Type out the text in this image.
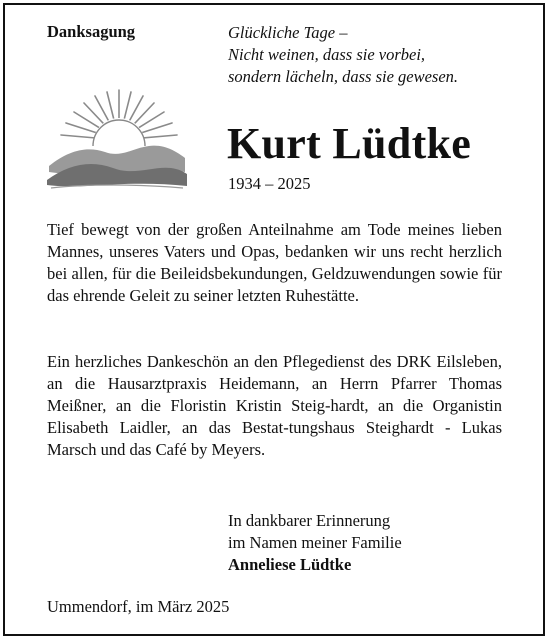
Danksagung	Glückliche Tage –
Nicht weinen, dass sie vorbei,
sondern lächeln, dass sie gewesen.
Kurt Lüdtke
1934 – 2025
Tief bewegt von der großen Anteilnahme am Tode meines lieben Mannes, unseres Vaters und Opas, bedanken wir uns recht herzlich bei allen, für die Beileidsbekundungen, Geldzuwendungen sowie für das ehrende Geleit zu seiner letzten Ruhestätte.
Ein herzliches Dankeschön an den Pflegedienst des DRK Eilsleben, an die Hausarztpraxis Heidemann, an Herrn Pfarrer Thomas Meißner, an die Floristin Kristin Steig-hardt, an die Organistin Elisabeth Laidler, an das Bestat-tungshaus Steighardt - Lukas Marsch und das Café by Meyers.
In dankbarer Erinnerung
im Namen meiner Familie
Anneliese Lüdtke
Ummendorf, im März 2025
